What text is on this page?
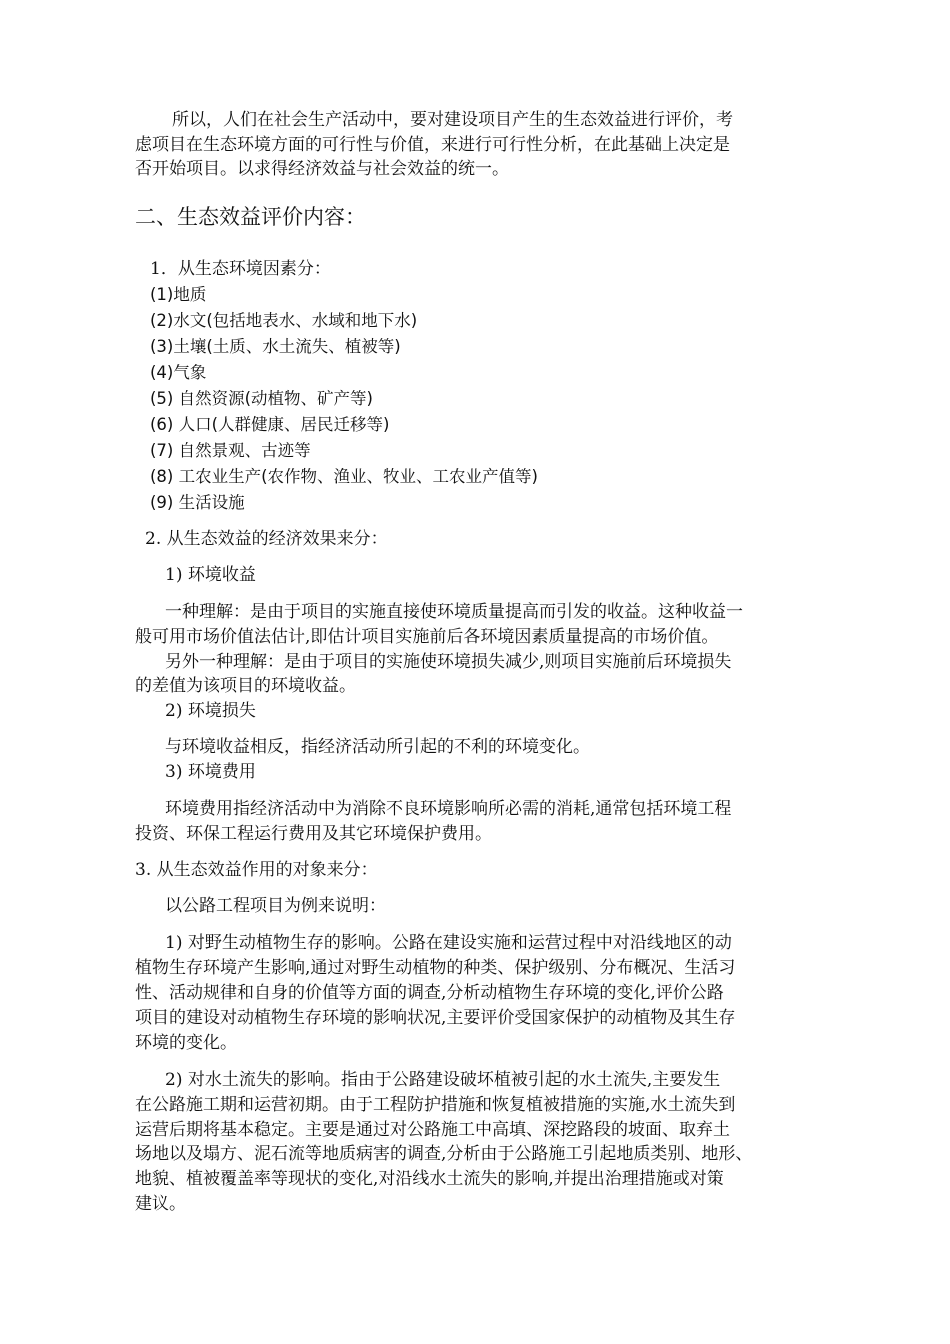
所以，人们在社会生产活动中，要对建设项目产生的生态效益进行评价，考
虑项目在生态环境方面的可行性与价值，来进行可行性分析，在此基础上决定是
否开始项目。以求得经济效益与社会效益的统一。
二、生态效益评价内容：
1．从生态环境因素分：
(1)地质
(2)水文(包括地表水、水域和地下水)
(3)土壤(土质、水土流失、植被等)
(4)气象
(5) 自然资源(动植物、矿产等)
(6) 人口(人群健康、居民迁移等)
(7) 自然景观、古迹等
(8) 工农业生产(农作物、渔业、牧业、工农业产值等)
(9) 生活设施
2. 从生态效益的经济效果来分：
1) 环境收益
一种理解：是由于项目的实施直接使环境质量提高而引发的收益。这种收益一
般可用市场价值法估计,即估计项目实施前后各环境因素质量提高的市场价值。
另外一种理解：是由于项目的实施使环境损失减少,则项目实施前后环境损失
的差值为该项目的环境收益。
2) 环境损失
与环境收益相反，指经济活动所引起的不利的环境变化。
3) 环境费用
环境费用指经济活动中为消除不良环境影响所必需的消耗,通常包括环境工程
投资、环保工程运行费用及其它环境保护费用。
3. 从生态效益作用的对象来分：
以公路工程项目为例来说明：
1) 对野生动植物生存的影响。公路在建设实施和运营过程中对沿线地区的动
植物生存环境产生影响,通过对野生动植物的种类、保护级别、分布概况、生活习
性、活动规律和自身的价值等方面的调查,分析动植物生存环境的变化,评价公路
项目的建设对动植物生存环境的影响状况,主要评价受国家保护的动植物及其生存
环境的变化。
2) 对水土流失的影响。指由于公路建设破坏植被引起的水土流失,主要发生
在公路施工期和运营初期。由于工程防护措施和恢复植被措施的实施,水土流失到
运营后期将基本稳定。主要是通过对公路施工中高填、深挖路段的坡面、取弃土
场地以及塌方、泥石流等地质病害的调查,分析由于公路施工引起地质类别、地形、
地貌、植被覆盖率等现状的变化,对沿线水土流失的影响,并提出治理措施或对策
建议。
